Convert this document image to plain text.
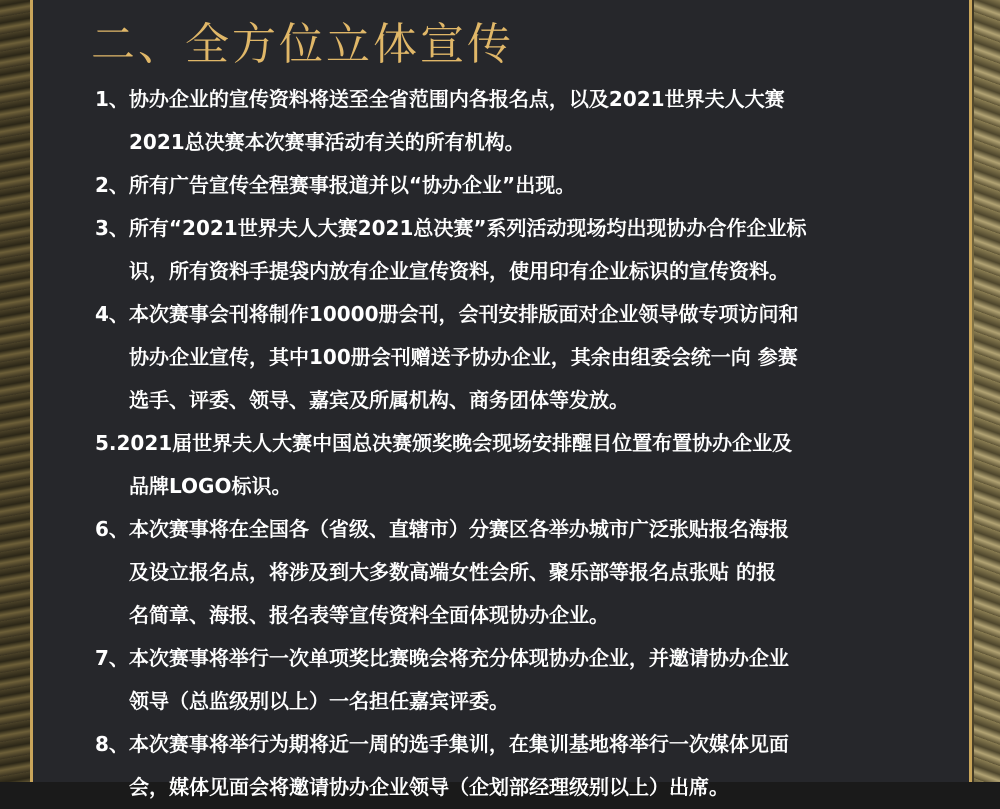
二、全方位立体宣传
1、协办企业的宣传资料将送至全省范围内各报名点，以及2021世界夫人大赛
2021总决赛本次赛事活动有关的所有机构。
2、所有广告宣传全程赛事报道并以“协办企业”出现。
3、所有“2021世界夫人大赛2021总决赛”系列活动现场均出现协办合作企业标
识，所有资料手提袋内放有企业宣传资料，使用印有企业标识的宣传资料。
4、本次赛事会刊将制作10000册会刊，会刊安排版面对企业领导做专项访问和
协办企业宣传，其中100册会刊赠送予协办企业，其余由组委会统一向 参赛
选手、评委、领导、嘉宾及所属机构、商务团体等发放。
5.2021届世界夫人大赛中国总决赛颁奖晚会现场安排醒目位置布置协办企业及
品牌LOGO标识。
6、本次赛事将在全国各（省级、直辖市）分赛区各举办城市广泛张贴报名海报
及设立报名点，将涉及到大多数高端女性会所、聚乐部等报名点张贴 的报
名简章、海报、报名表等宣传资料全面体现协办企业。
7、本次赛事将举行一次单项奖比赛晚会将充分体现协办企业，并邀请协办企业
领导（总监级别以上）一名担任嘉宾评委。
8、本次赛事将举行为期将近一周的选手集训，在集训基地将举行一次媒体见面
会，媒体见面会将邀请协办企业领导（企划部经理级别以上）出席。
